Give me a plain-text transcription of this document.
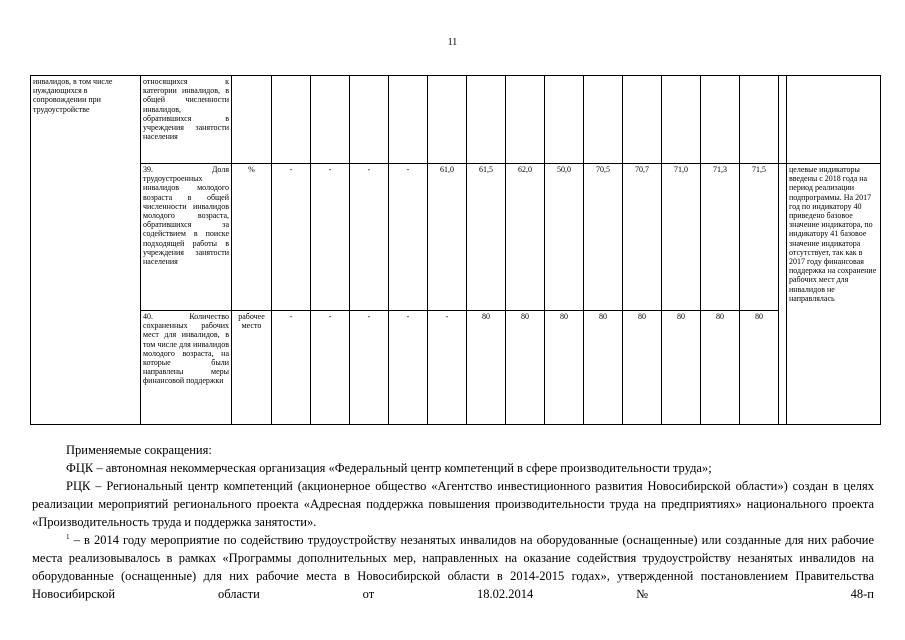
11
инвалидов, в том числе нуждающихся в сопровождении при трудоустройстве	относящихся к категории инвалидов, в общей численности инвалидов, обратившихся в учреждения занятости населения																
	39. Доля трудоустроенных инвалидов молодого возраста в общей численности инвалидов молодого возраста, обратившихся за содействием в поиске подходящей работы в учреждения занятости населения	%	-	-	-	-	61,0	61,5	62,0	50,0	70,5	70,7	71,0	71,3	71,5		целевые индикаторы введены с 2018 года на период реализации подпрограммы. На 2017 год по индикатору 40 приведено базовое значение индикатора, по индикатору 41 базовое значение индикатора отсутствует, так как в 2017 году финансовая поддержка на сохранение рабочих мест для инвалидов не направлялась
	40. Количество сохраненных рабочих мест для инвалидов, в том числе для инвалидов молодого возраста, на которые были направлены меры финансовой поддержки	рабочее место	-	-	-	-	-	80	80	80	80	80	80	80	80		

Применяемые сокращения:

ФЦК – автономная некоммерческая организация «Федеральный центр компетенций в сфере производительности труда»;

РЦК – Региональный центр компетенций (акционерное общество «Агентство инвестиционного развития Новосибирской области») создан в целях реализации мероприятий регионального проекта «Адресная поддержка повышения производительности труда на предприятиях» национального проекта «Производительность труда и поддержка занятости».

$^1$ – в 2014 году мероприятие по содействию трудоустройству незанятых инвалидов на оборудованные (оснащенные) или созданные для них рабочие места реализовывалось в рамках «Программы дополнительных мер, направленных на оказание содействия трудоустройству незанятых инвалидов на оборудованные (оснащенные) для них рабочие места в Новосибирской области в 2014-2015 годах», утвержденной постановлением Правительства Новосибирской области от 18.02.2014 № 48-п
